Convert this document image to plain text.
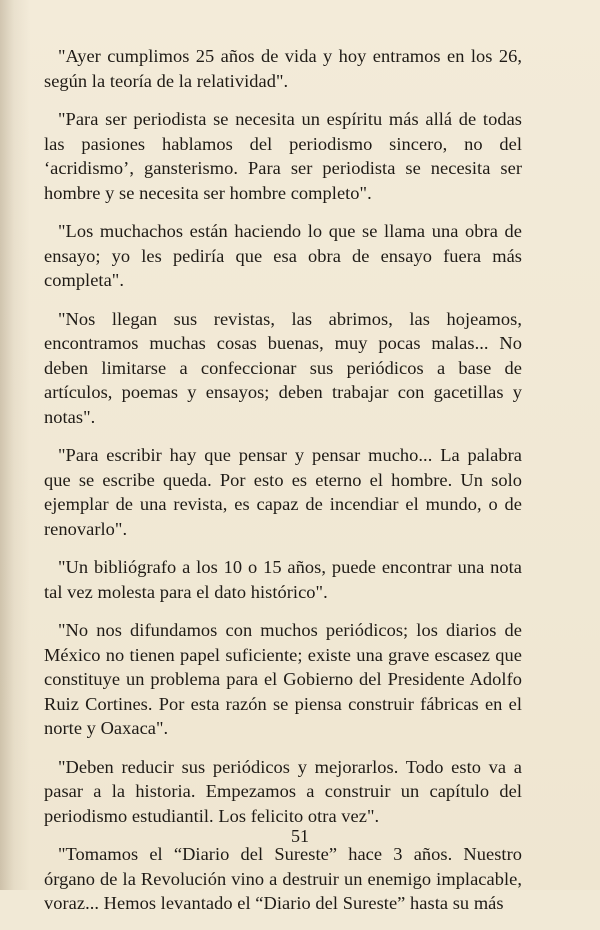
"Ayer cumplimos 25 años de vida y hoy entramos en los 26, según la teoría de la relatividad".

"Para ser periodista se necesita un espíritu más allá de todas las pasiones hablamos del periodismo sincero, no del ‘acridismo’, gansterismo. Para ser periodista se necesita ser hombre y se necesita ser hombre completo".

"Los muchachos están haciendo lo que se llama una obra de ensayo; yo les pediría que esa obra de ensayo fuera más completa".

"Nos llegan sus revistas, las abrimos, las hojeamos, encontramos muchas cosas buenas, muy pocas malas... No deben limitarse a confeccionar sus periódicos a base de artículos, poemas y ensayos; deben trabajar con gacetillas y notas".

"Para escribir hay que pensar y pensar mucho... La palabra que se escribe queda. Por esto es eterno el hombre. Un solo ejemplar de una revista, es capaz de incendiar el mundo, o de renovarlo".

"Un bibliógrafo a los 10 o 15 años, puede encontrar una nota tal vez molesta para el dato histórico".

"No nos difundamos con muchos periódicos; los diarios de México no tienen papel suficiente; existe una grave escasez que constituye un problema para el Gobierno del Presidente Adolfo Ruiz Cortines. Por esta razón se piensa construir fábricas en el norte y Oaxaca".

"Deben reducir sus periódicos y mejorarlos. Todo esto va a pasar a la historia. Empezamos a construir un capítulo del periodismo estudiantil. Los felicito otra vez".

"Tomamos el “Diario del Sureste” hace 3 años. Nuestro órgano de la Revolución vino a destruir un enemigo implacable, voraz... Hemos levantado el “Diario del Sureste” hasta su más

51
